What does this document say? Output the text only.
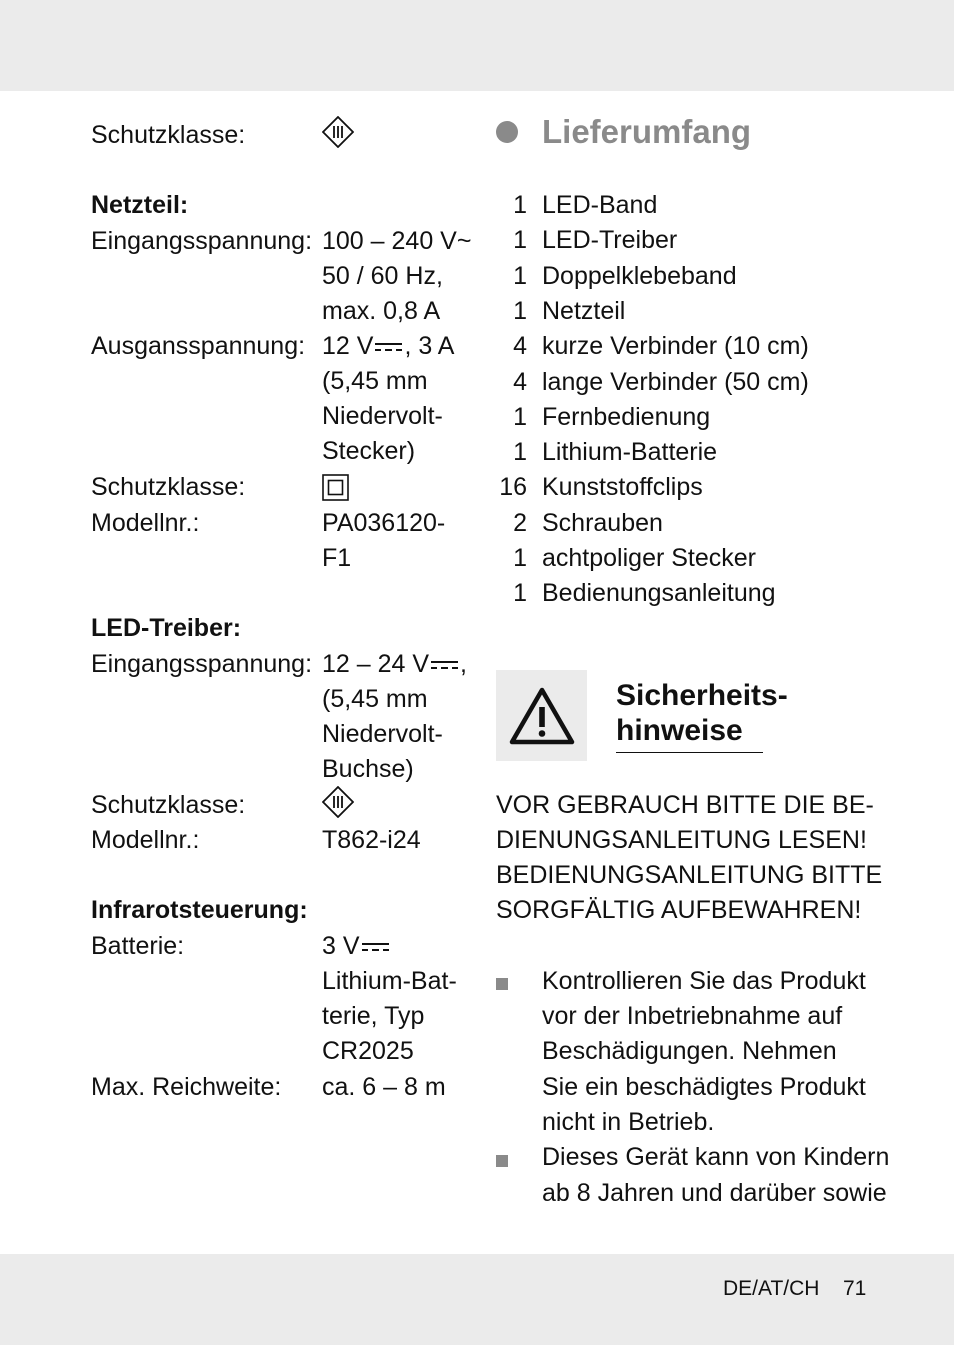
Schutzklasse:
Netzteil:
Eingangsspannung: 100 – 240 V~
50 / 60 Hz,
max. 0,8 A
Ausgansspannung: 12 V , 3 A
(5,45 mm
Niedervolt-
Stecker)
Schutzklasse:
Modellnr.:	PA036120-
F1
LED-Treiber:
Eingangsspannung: 12 – 24 V ,
(5,45 mm
Niedervolt-
Buchse)
Schutzklasse:
Modellnr.:	T862-i24
Infrarotsteuerung:
Batterie:	3 V
Lithium-Bat-
terie, Typ
CR2025
Max. Reichweite: ca. 6 – 8 m
Lieferumfang
1 LED-Band
1 LED-Treiber
1 Doppelklebeband
1 Netzteil
4 kurze Verbinder (10 cm)
4 lange Verbinder (50 cm)
1 Fernbedienung
1 Lithium-Batterie
16 Kunststoffclips
2 Schrauben
1 achtpoliger Stecker
1 Bedienungsanleitung
Sicherheits-
hinweise
VOR GEBRAUCH BITTE DIE BE-
DIENUNGSANLEITUNG LESEN!
BEDIENUNGSANLEITUNG BITTE
SORGFÄLTIG AUFBEWAHREN!
Kontrollieren Sie das Produkt
vor der Inbetriebnahme auf
Beschädigungen. Nehmen
Sie ein beschädigtes Produkt
nicht in Betrieb.
Dieses Gerät kann von Kindern
ab 8 Jahren und darüber sowie
DE/AT/CH 71
